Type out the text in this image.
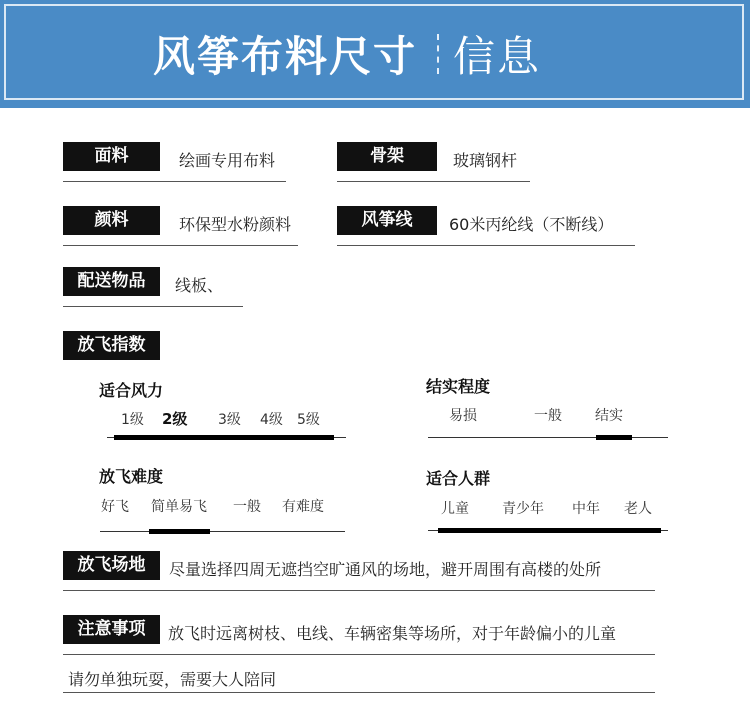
风筝布料尺寸 信息
面料	绘画专用布料	骨架	玻璃钢杆
颜料	环保型水粉颜料	风筝线	60米丙纶线（不断线）
配送物品	线板、
放飞指数
适合风力
1级 2级 3级 4级 5级
结实程度
易损	一般 结实
放飞难度
好飞 简单易飞 一般 有难度
适合人群
儿童 青少年 中年 老人
放飞场地	尽量选择四周无遮挡空旷通风的场地，避开周围有高楼的处所
注意事项	放飞时远离树枝、电线、车辆密集等场所，对于年龄偏小的儿童
请勿单独玩耍，需要大人陪同
